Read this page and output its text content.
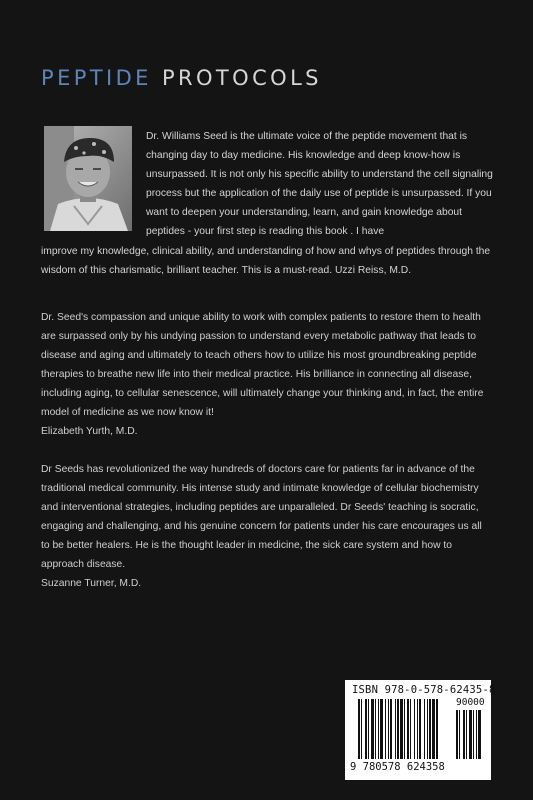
PEPTIDE PROTOCOLS
Dr. Williams Seed is the ultimate voice of the peptide movement that is changing day to day medicine. His knowledge and deep know-how is unsurpassed. It is not only his specific ability to understand the cell signaling process but the application of the daily use of peptide is unsurpassed. If you want to deepen your understanding, learn, and gain knowledge about peptides - your first step is reading this book . I have
improve my knowledge, clinical ability, and understanding of how and whys of peptides through the wisdom of this charismatic, brilliant teacher. This is a must-read. Uzzi Reiss, M.D.
Dr. Seed's compassion and unique ability to work with complex patients to restore them to health are surpassed only by his undying passion to understand every metabolic pathway that leads to disease and aging and ultimately to teach others how to utilize his most groundbreaking peptide therapies to breathe new life into their medical practice. His brilliance in connecting all disease, including aging, to cellular senescence, will ultimately change your thinking and, in fact, the entire model of medicine as we now know it!
Elizabeth Yurth, M.D.
Dr Seeds has revolutionized the way hundreds of doctors care for patients far in advance of the traditional medical community. His intense study and intimate knowledge of cellular biochemistry and interventional strategies, including peptides are unparalleled. Dr Seeds' teaching is socratic, engaging and challenging, and his genuine concern for patients under his care encourages us all to be better healers. He is the thought leader in medicine, the sick care system and how to approach disease.
Suzanne Turner, M.D.
ISBN 978-0-578-62435-8
90000
9 780578 624358
